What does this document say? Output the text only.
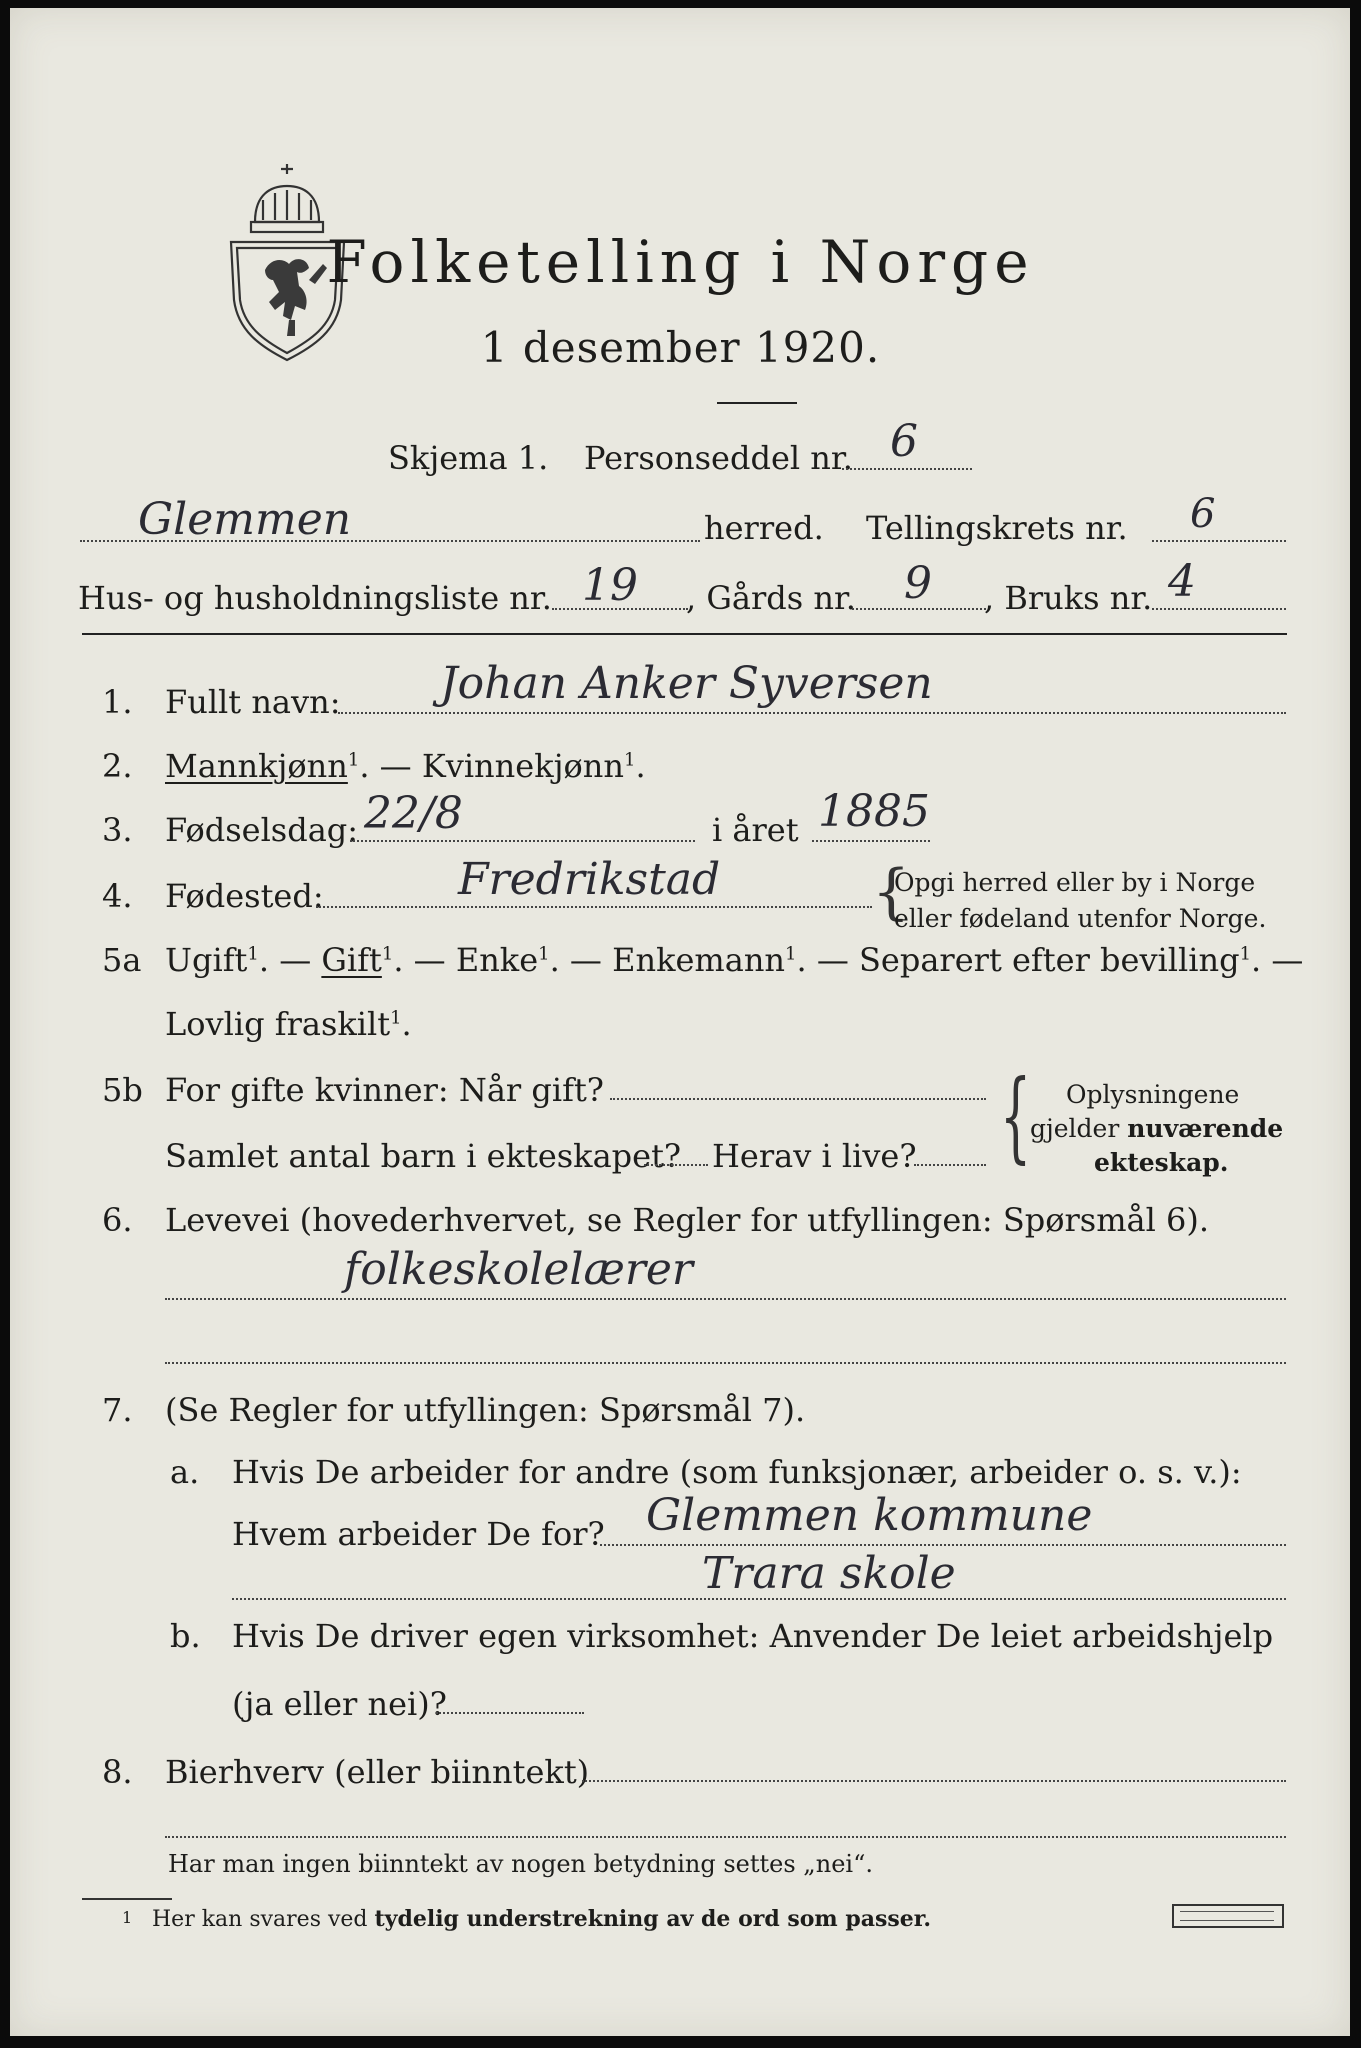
Folketelling i Norge
1 desember 1920.
Skjema 1. Personseddel nr. 6
Glemmen	herred. Tellingskrets nr. 6
Hus- og husholdningsliste nr. 19 , Gårds nr. 9 , Bruks nr. 4
1. Fullt navn: Johan Anker Syversen
2. Mannkjønn$^1$. — Kvinnekjønn$^1$.
3. Fødselsdag: 22/8	i året 1885
4. Fødested:	Fredrikstad	{
Opgi herred eller by i Norge
eller fødeland utenfor Norge.
5a Ugift$^1$. — Gift$^1$. — Enke$^1$. — Enkemann$^1$. — Separert efter bevilling$^1$. —
Lovlig fraskilt$^1$.
5b For gifte kvinner: Når gift?
Samlet antal barn i ekteskapet? Herav i live? { Oplysningene
gjelder nuværende
ekteskap.
6. Levevei (hovederhvervet, se Regler for utfyllingen: Spørsmål 6).
folkeskolelærer
7. (Se Regler for utfyllingen: Spørsmål 7).
a. Hvis De arbeider for andre (som funksjonær, arbeider o. s. v.):
Hvem arbeider De for? Glemmen kommune
Trara skole
b. Hvis De driver egen virksomhet: Anvender De leiet arbeidshjelp
(ja eller nei)?
8. Bierhverv (eller biinntekt)
Har man ingen biinntekt av nogen betydning settes „nei“.
1 Her kan svares ved tydelig understrekning av de ord som passer.
